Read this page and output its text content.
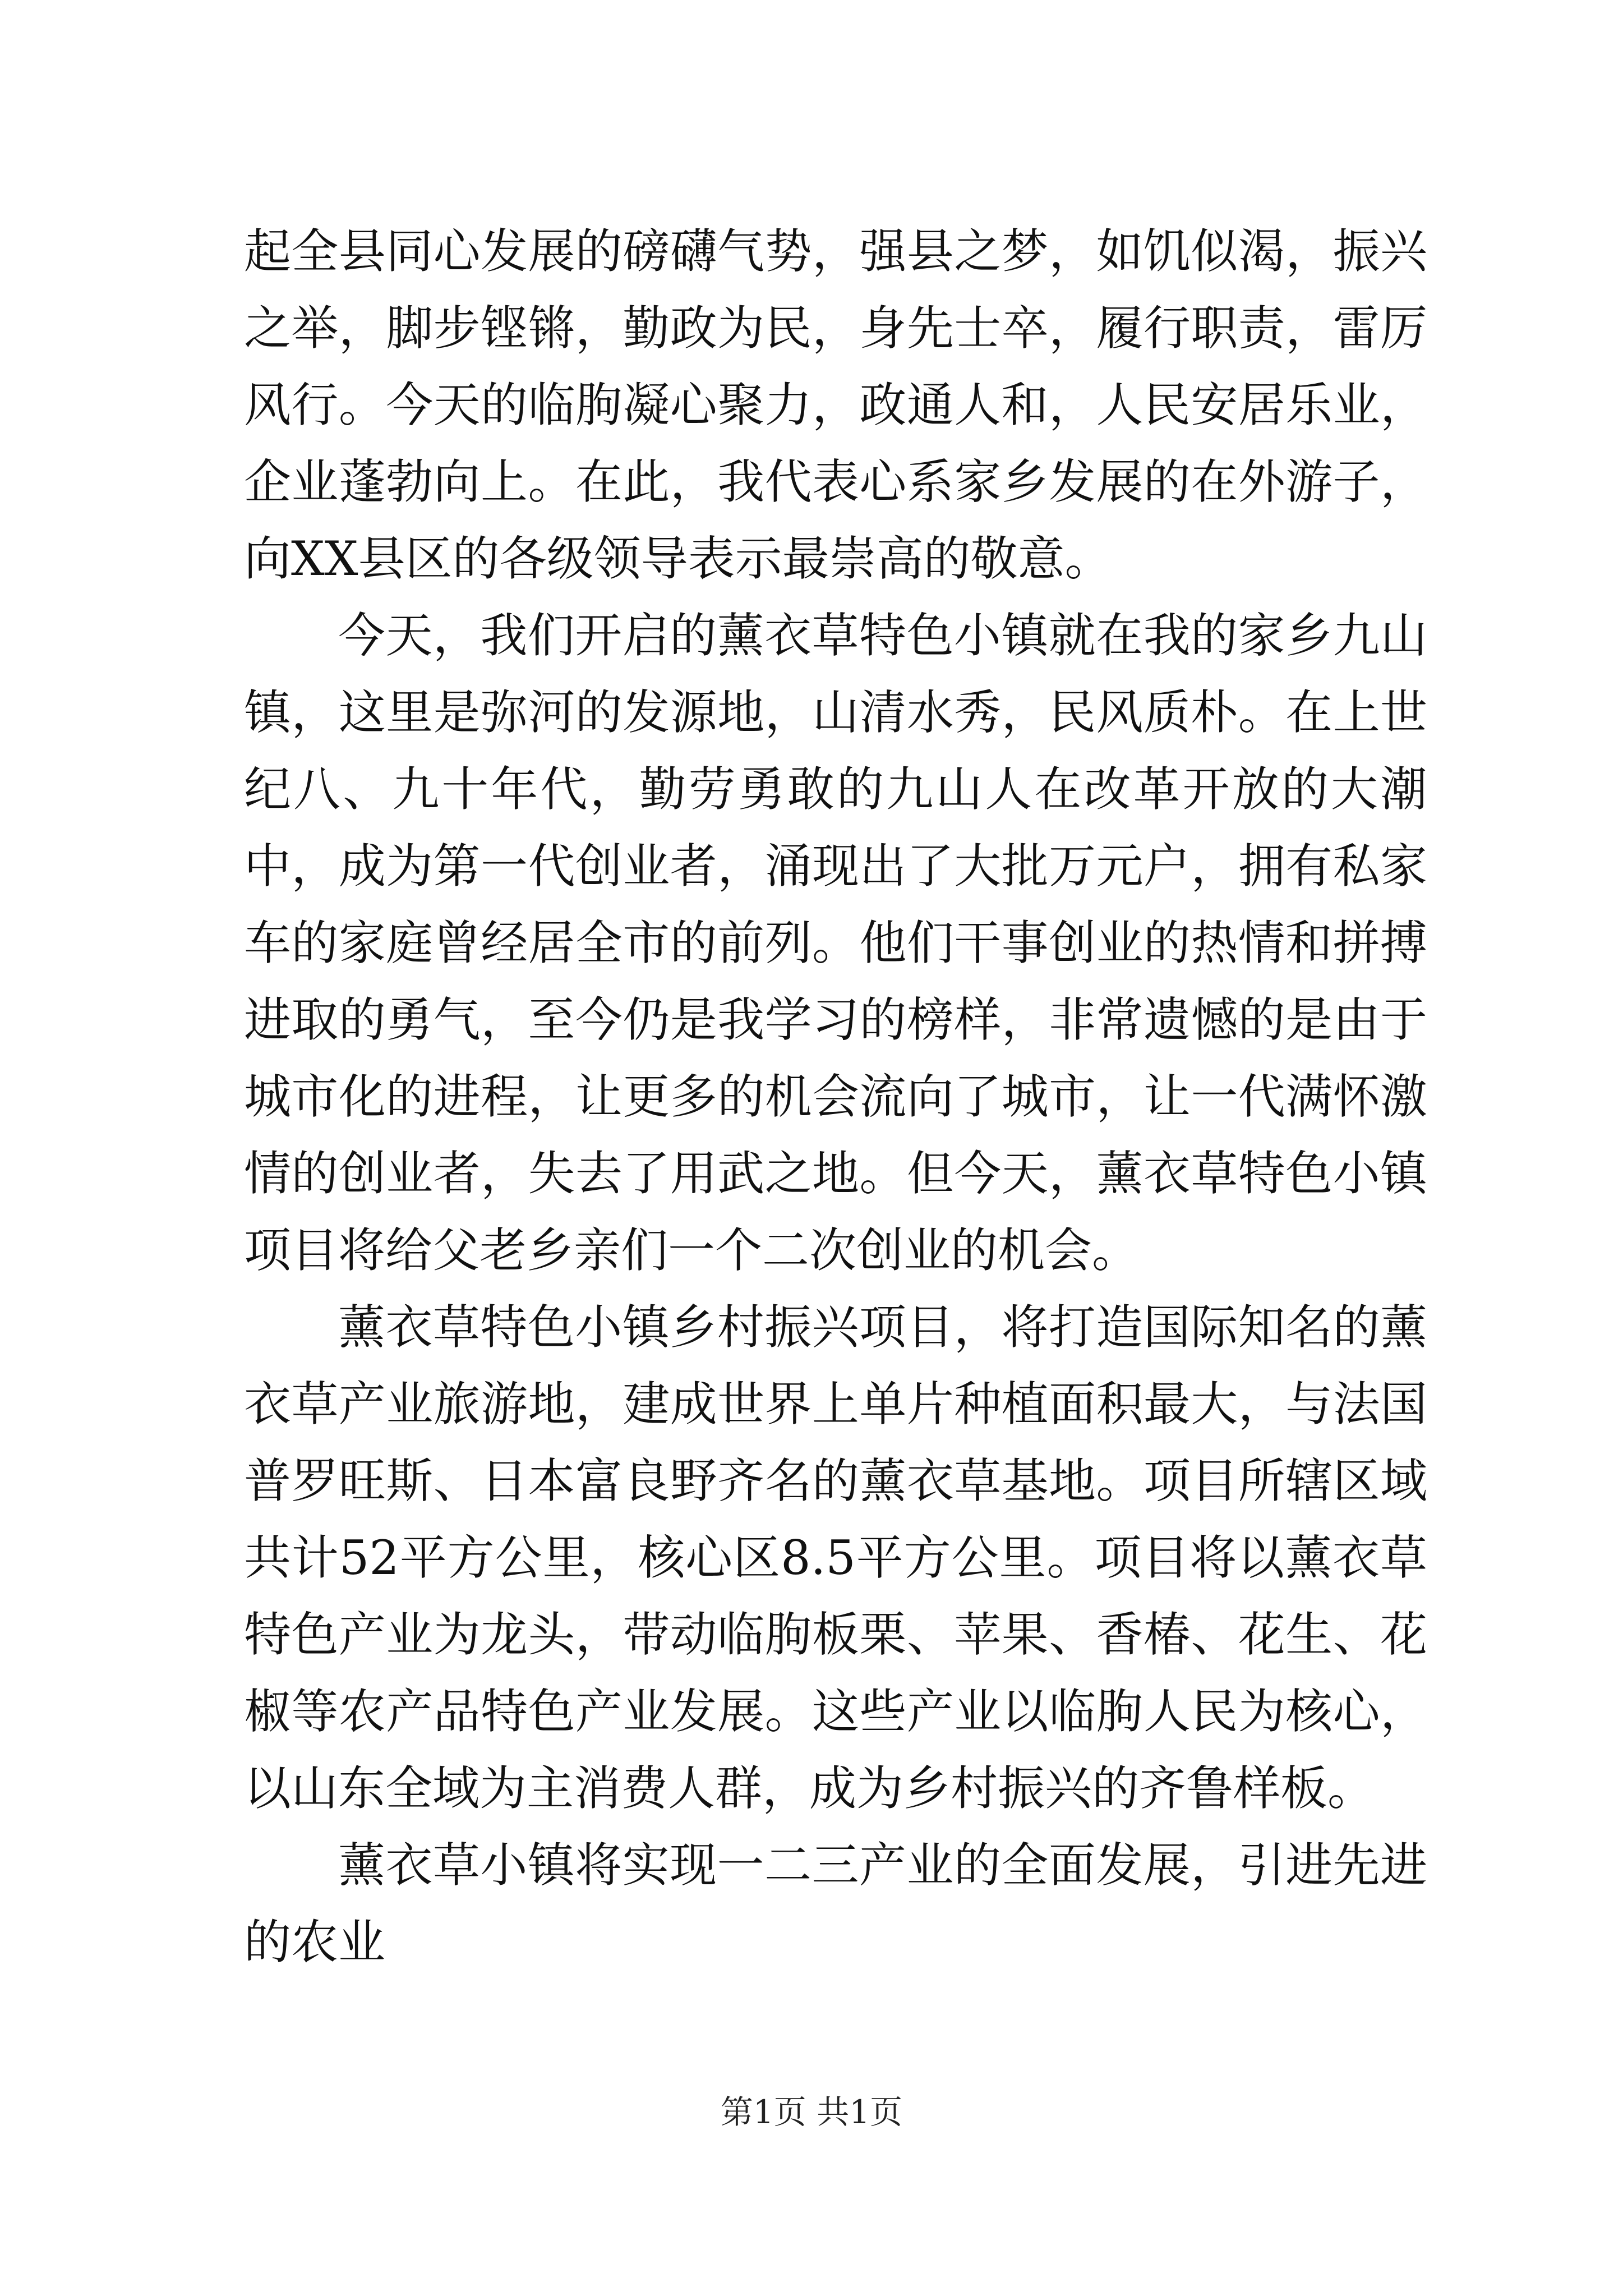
起全县同心发展的磅礴气势，强县之梦，如饥似渴，振兴之举，脚步铿锵，勤政为民，身先士卒，履行职责，雷厉风行。今天的临朐凝心聚力，政通人和，人民安居乐业，企业蓬勃向上。在此，我代表心系家乡发展的在外游子，向XX县区的各级领导表示最崇高的敬意。

今天，我们开启的薰衣草特色小镇就在我的家乡九山镇，这里是弥河的发源地，山清水秀，民风质朴。在上世纪八、九十年代，勤劳勇敢的九山人在改革开放的大潮中，成为第一代创业者，涌现出了大批万元户，拥有私家车的家庭曾经居全市的前列。他们干事创业的热情和拼搏进取的勇气，至今仍是我学习的榜样，非常遗憾的是由于城市化的进程，让更多的机会流向了城市，让一代满怀激情的创业者，失去了用武之地。但今天，薰衣草特色小镇项目将给父老乡亲们一个二次创业的机会。

薰衣草特色小镇乡村振兴项目，将打造国际知名的薰衣草产业旅游地，建成世界上单片种植面积最大，与法国普罗旺斯、日本富良野齐名的薰衣草基地。项目所辖区域共计52平方公里，核心区8.5平方公里。项目将以薰衣草特色产业为龙头，带动临朐板栗、苹果、香椿、花生、花椒等农产品特色产业发展。这些产业以临朐人民为核心，以山东全域为主消费人群，成为乡村振兴的齐鲁样板。

薰衣草小镇将实现一二三产业的全面发展，引进先进的农业

第1页 共1页
